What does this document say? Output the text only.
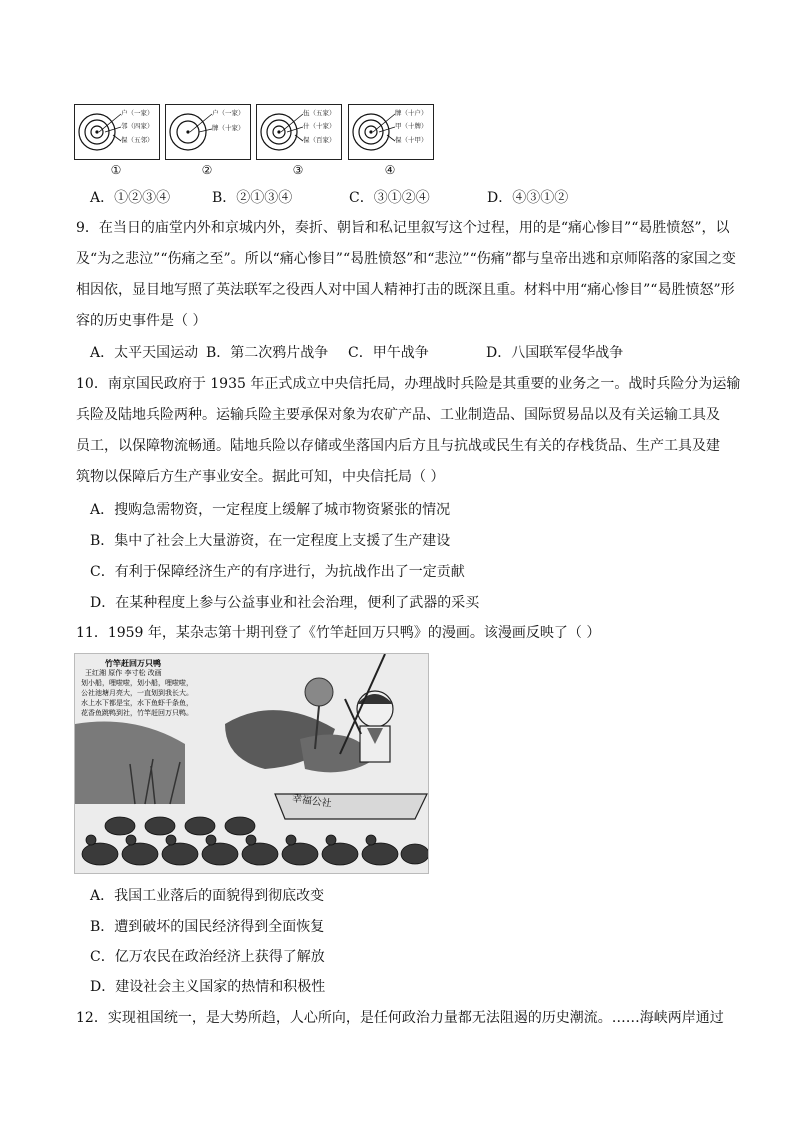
户（一家）
邻（四家）
保（五邻）
户（一家）
牌（十家）
伍（五家）
什（十家）
保（百家）
牌（十户）
甲（十牌）
保（十甲）
①	②	③	④
A．①②③④	B．②①③④	C．③①②④	D．④③①②
9．在当日的庙堂内外和京城内外，奏折、朝旨和私记里叙写这个过程，用的是“痛心惨目”“曷胜愤怒”，以
及“为之悲泣”“伤痛之至”。所以“痛心惨目”“曷胜愤怒”和“悲泣”“伤痛”都与皇帝出逃和京师陷落的家国之变
相因依，显目地写照了英法联军之役西人对中国人精神打击的既深且重。材料中用“痛心惨目”“曷胜愤怒”形
容的历史事件是（ ）
A．太平天国运动 B．第二次鸦片战争 C．甲午战争	D．八国联军侵华战争
10．南京国民政府于 1935 年正式成立中央信托局，办理战时兵险是其重要的业务之一。战时兵险分为运输
兵险及陆地兵险两种。运输兵险主要承保对象为农矿产品、工业制造品、国际贸易品以及有关运输工具及
员工，以保障物流畅通。陆地兵险以存储或坐落国内后方且与抗战或民生有关的存栈货品、生产工具及建
筑物以保障后方生产事业安全。据此可知，中央信托局（ ）
A．搜购急需物资，一定程度上缓解了城市物资紧张的情况
B．集中了社会上大量游资，在一定程度上支援了生产建设
C．有利于保障经济生产的有序进行，为抗战作出了一定贡献
D．在某种程度上参与公益事业和社会治理，便利了武器的采买
11．1959 年，某杂志第十期刊登了《竹竿赶回万只鸭》的漫画。该漫画反映了（ ）
竹竿赶回万只鸭
王红湘 原作 李寸松 改画
划小船，哩啦啦，划小船，哩啦啦，
公社池塘月亮大，一直划到我长大。
水上水下都是宝，水下鱼虾千条鱼，
花香鱼跳鸭到社，竹竿赶回万只鸭。
幸福公社
A．我国工业落后的面貌得到彻底改变
B．遭到破坏的国民经济得到全面恢复
C．亿万农民在政治经济上获得了解放
D．建设社会主义国家的热情和积极性
12．实现祖国统一，是大势所趋，人心所向，是任何政治力量都无法阻遏的历史潮流。……海峡两岸通过
